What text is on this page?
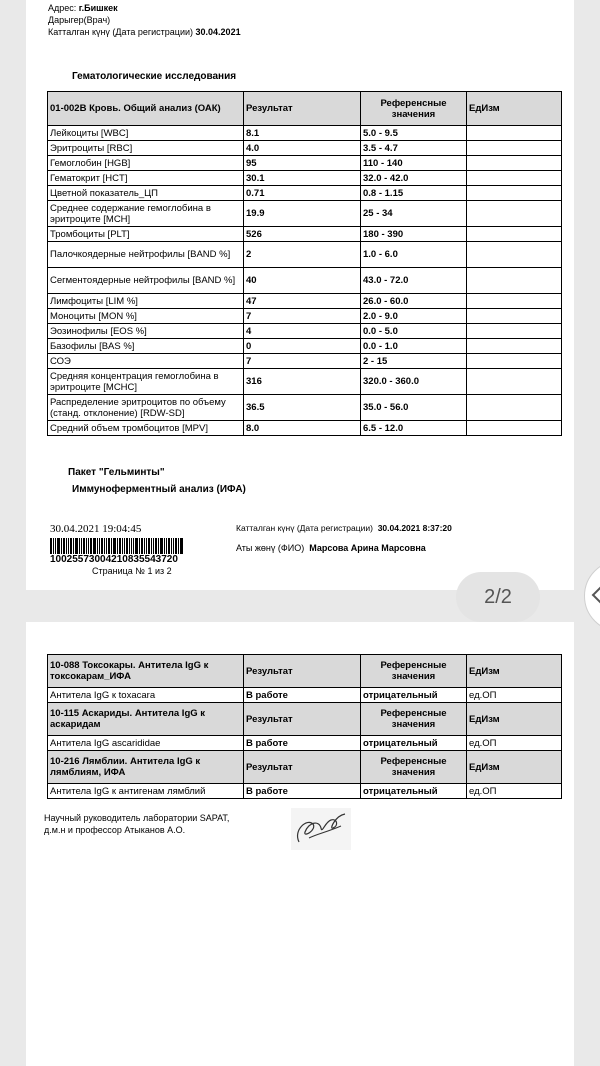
Адрес: г.Бишкек
Дарыгер(Врач)
Катталган күнү (Дата регистрации) 30.04.2021
Гематологические исследования
01-002В Кровь. Общий анализ (ОАК)	Результат	Референсные значения	ЕдИзм
Лейкоциты [WBC]	8.1	5.0 - 9.5	
Эритроциты [RBC]	4.0	3.5 - 4.7	
Гемоглобин [HGB]	95	110 - 140	
Гематокрит [HCT]	30.1	32.0 - 42.0	
Цветной показатель_ЦП	0.71	0.8 - 1.15	
Среднее содержание гемоглобина в эритроците [MCH]	19.9	25 - 34	
Тромбоциты [PLT]	526	180 - 390	
Палочкоядерные нейтрофилы [BAND %]	2	1.0 - 6.0	
Сегментоядерные нейтрофилы [BAND %]	40	43.0 - 72.0	
Лимфоциты [LIM %]	47	26.0 - 60.0	
Моноциты [MON %]	7	2.0 - 9.0	
Эозинофилы [EOS %]	4	0.0 - 5.0	
Базофилы [BAS %]	0	0.0 - 1.0	
СОЭ	7	2 - 15	
Средняя концентрация гемоглобина в эритроците [MCHC]	316	320.0 - 360.0	
Распределение эритроцитов по объему (станд. отклонение) [RDW-SD]	36.5	35.0 - 56.0	
Средний объем тромбоцитов [MPV]	8.0	6.5 - 12.0	
Пакет "Гельминты"
Иммуноферментный анализ (ИФА)
30.04.2021 19:04:45
10025573004210835543720
Страница № 1 из 2
Катталган күнү (Дата регистрации) 30.04.2021 8:37:20
Аты жөнү (ФИО) Марсова Арина Марсовна
2/2
10-088 Токсокары. Антитела IgG к токсокарам_ИФА	Результат	Референсные значения	ЕдИзм
Антитела IgG к toxacara	В работе	отрицательный	ед.ОП
10-115 Аскариды. Антитела IgG к аскаридам	Результат	Референсные значения	ЕдИзм
Антитела IgG ascarididae	В работе	отрицательный	ед.ОП
10-216 Лямблии. Антитела IgG к лямблиям, ИФА	Результат	Референсные значения	ЕдИзм
Антитела IgG к антигенам лямблий	В работе	отрицательный	ед.ОП
Научный руководитель лаборатории SAPAT,
д.м.н и профессор Атыканов А.О.
